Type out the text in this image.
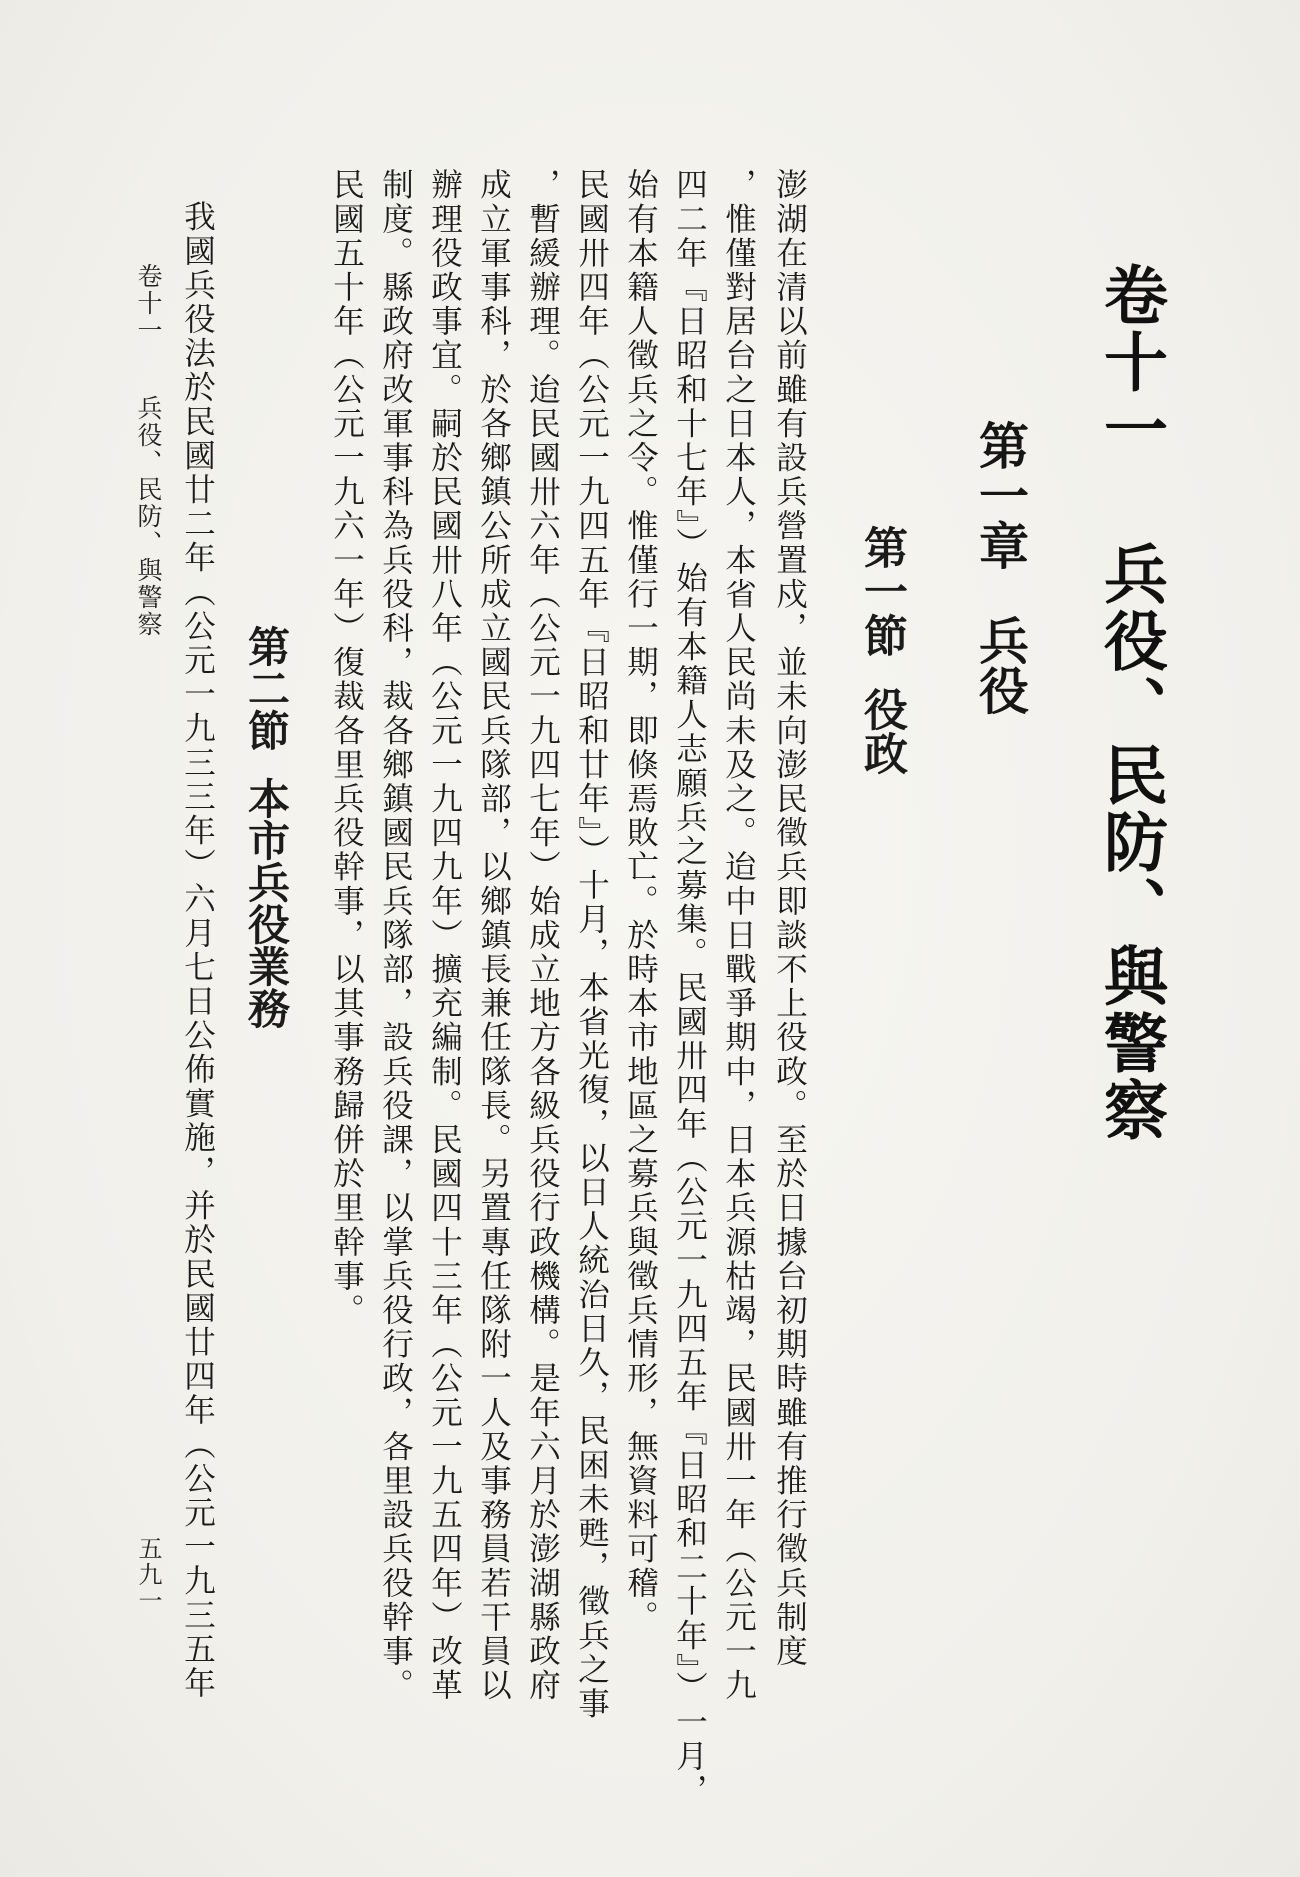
卷十一 兵役、民防、與警察
第一章兵役
第一節役政
澎湖在清以前雖有設兵營置戍，並未向澎民徵兵即談不上役政。至於日據台初期時雖有推行徵兵制度
，惟僅對居台之日本人，本省人民尚未及之。迨中日戰爭期中，日本兵源枯竭，民國卅一年（公元一九
四二年『日昭和十七年』）始有本籍人志願兵之募集。民國卅四年（公元一九四五年『日昭和二十年』）一月，
始有本籍人徵兵之令。惟僅行一期，即倏焉敗亡。於時本市地區之募兵與徵兵情形，無資料可稽。
民國卅四年（公元一九四五年『日昭和廿年』）十月，本省光復，以日人統治日久，民困未甦，徵兵之事
，暫緩辦理。迨民國卅六年（公元一九四七年）始成立地方各級兵役行政機構。是年六月於澎湖縣政府
成立軍事科，於各鄉鎮公所成立國民兵隊部，以鄉鎮長兼任隊長。另置專任隊附一人及事務員若干員以
辦理役政事宜。嗣於民國卅八年（公元一九四九年）擴充編制。民國四十三年（公元一九五四年）改革
制度。縣政府改軍事科為兵役科，裁各鄉鎮國民兵隊部，設兵役課，以掌兵役行政，各里設兵役幹事。
民國五十年（公元一九六一年）復裁各里兵役幹事，以其事務歸併於里幹事。
第二節本市兵役業務
我國兵役法於民國廿二年（公元一九三三年）六月七日公佈實施，并於民國廿四年（公元一九三五年
卷十一
兵役、民防、與警察
五九一
